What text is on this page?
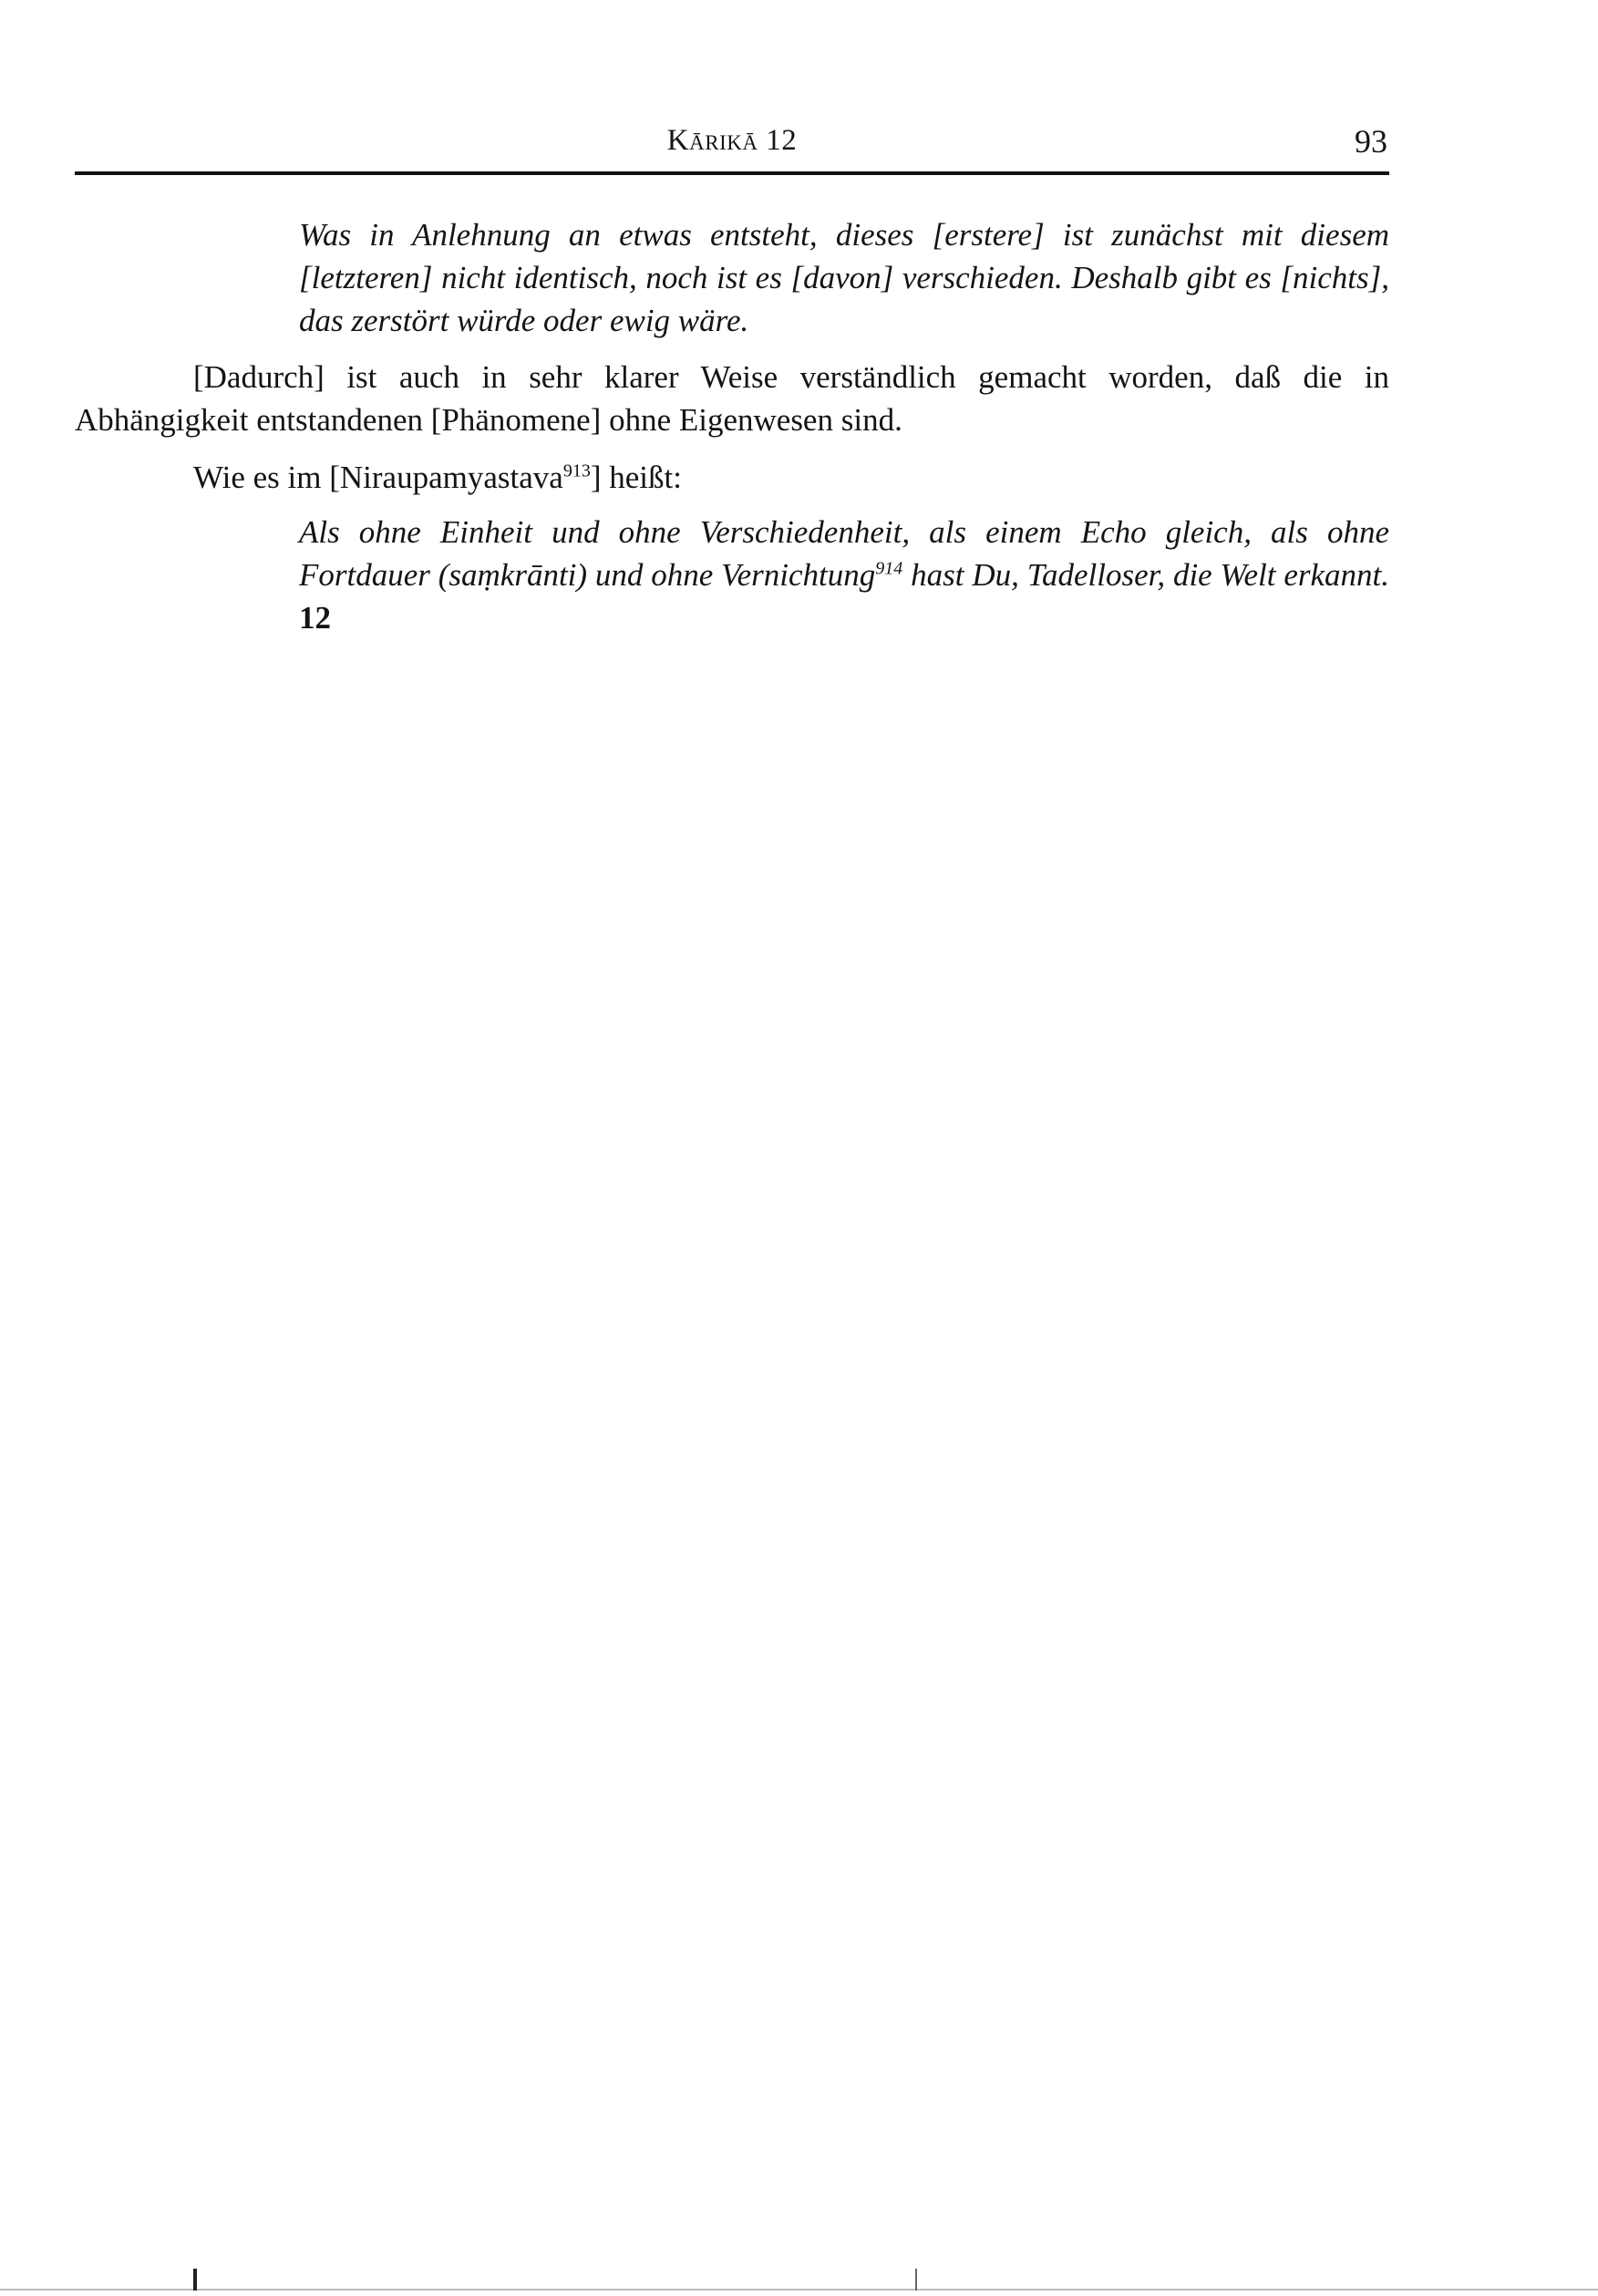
Kārikā 12	93

Was in Anlehnung an etwas entsteht, dieses [erstere] ist zunächst mit diesem [letzteren] nicht identisch, noch ist es [davon] verschieden. Deshalb gibt es [nichts], das zerstört würde oder ewig wäre.

[Dadurch] ist auch in sehr klarer Weise verständlich gemacht worden, daß die in Abhängigkeit entstandenen [Phänomene] ohne Eigenwesen sind.

Wie es im [Niraupamyastava$^{913}$] heißt:

Als ohne Einheit und ohne Verschiedenheit, als einem Echo gleich, als ohne Fortdauer (saṃkrānti) und ohne Vernichtung$^{914}$ hast Du, Tadelloser, die Welt erkannt. 12
